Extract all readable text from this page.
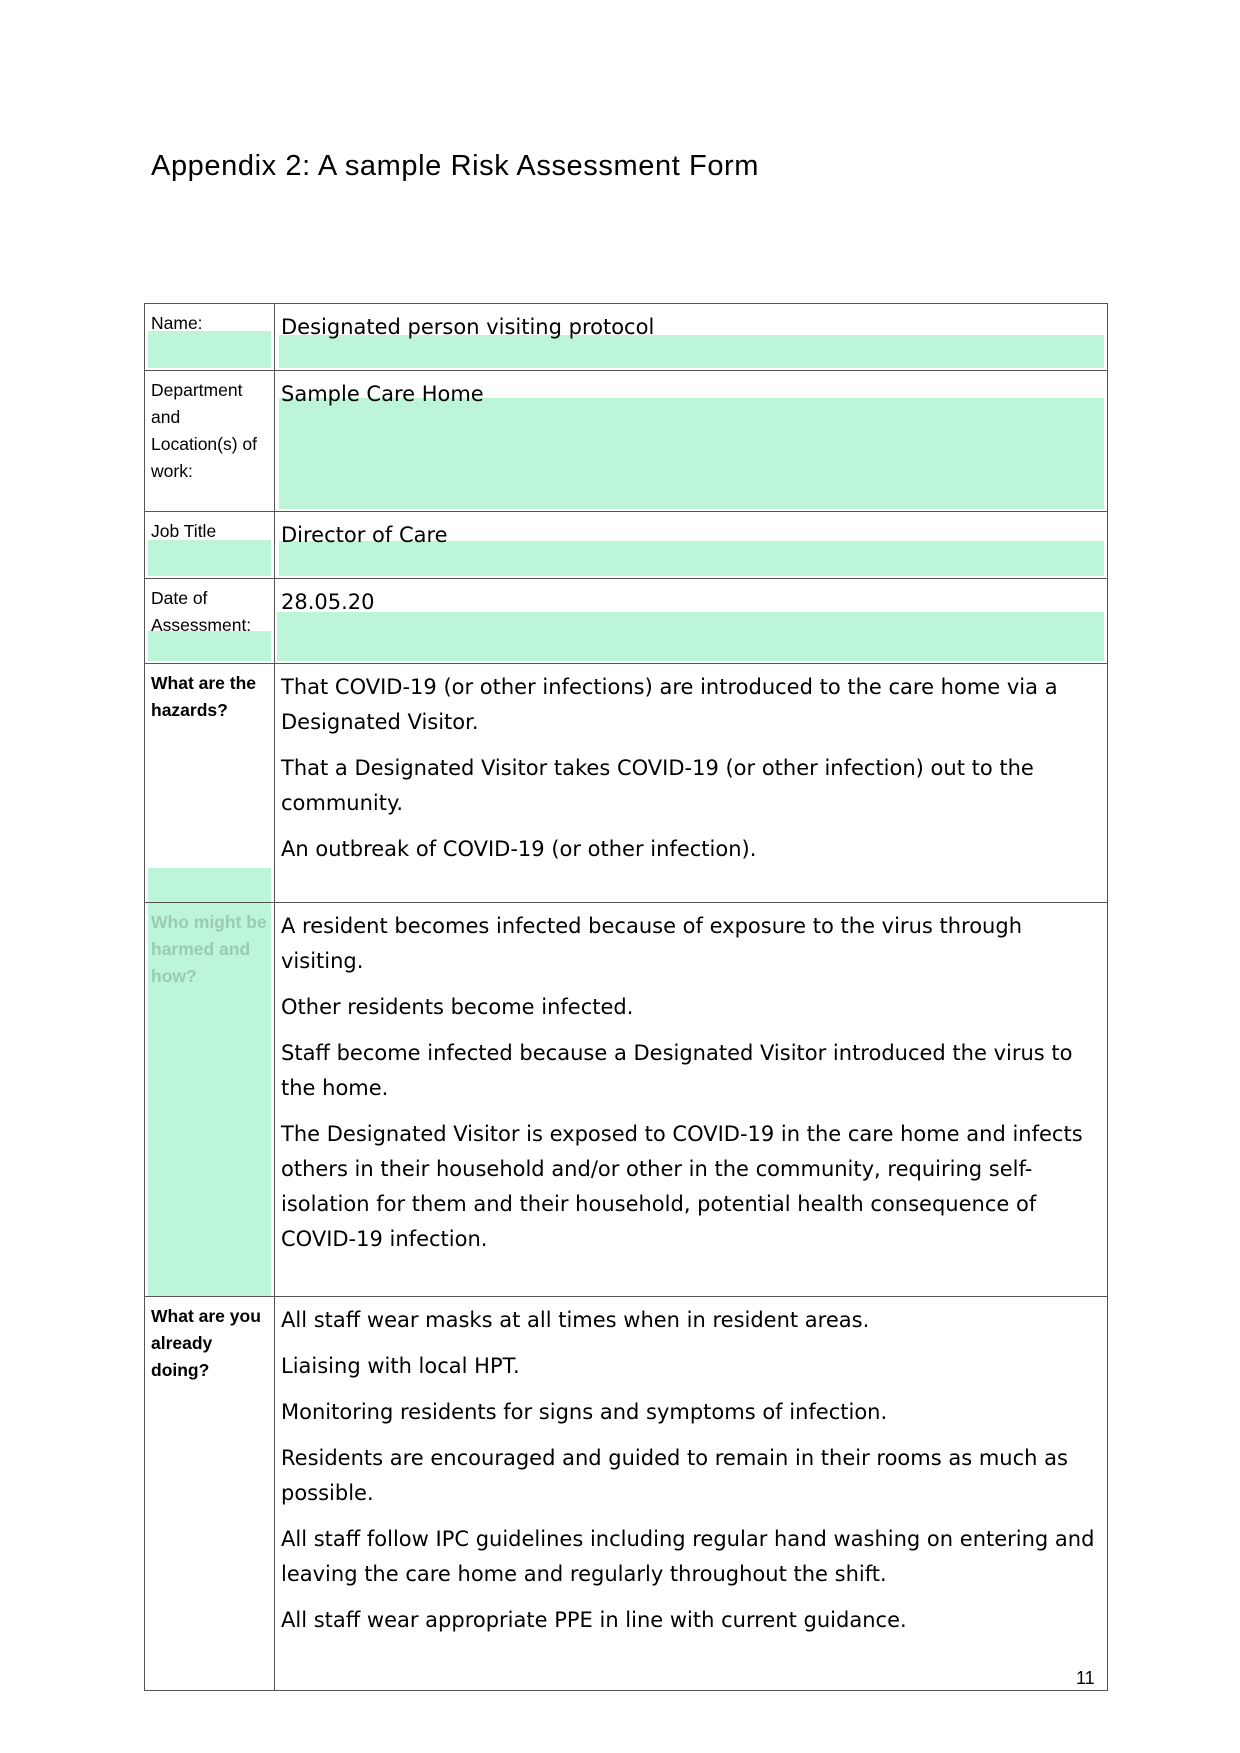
Appendix 2: A sample Risk Assessment Form
Name:	Designated person visiting protocol
Department and Location(s) of work:
Sample Care Home
Job Title	Director of Care
Date of Assessment:
28.05.20
What are the hazards?

That COVID-19 (or other infections) are introduced to the care home via a Designated Visitor.

That a Designated Visitor takes COVID-19 (or other infection) out to the community.

An outbreak of COVID-19 (or other infection).

Who might be harmed and how?

A resident becomes infected because of exposure to the virus through visiting.

Other residents become infected.

Staff become infected because a Designated Visitor introduced the virus to the home.

The Designated Visitor is exposed to COVID-19 in the care home and infects others in their household and/or other in the community, requiring self-isolation for them and their household, potential health consequence of COVID-19 infection.

What are you already doing?

All staff wear masks at all times when in resident areas.

Liaising with local HPT.

Monitoring residents for signs and symptoms of infection.

Residents are encouraged and guided to remain in their rooms as much as possible.

All staff follow IPC guidelines including regular hand washing on entering and leaving the care home and regularly throughout the shift.

All staff wear appropriate PPE in line with current guidance.

11
